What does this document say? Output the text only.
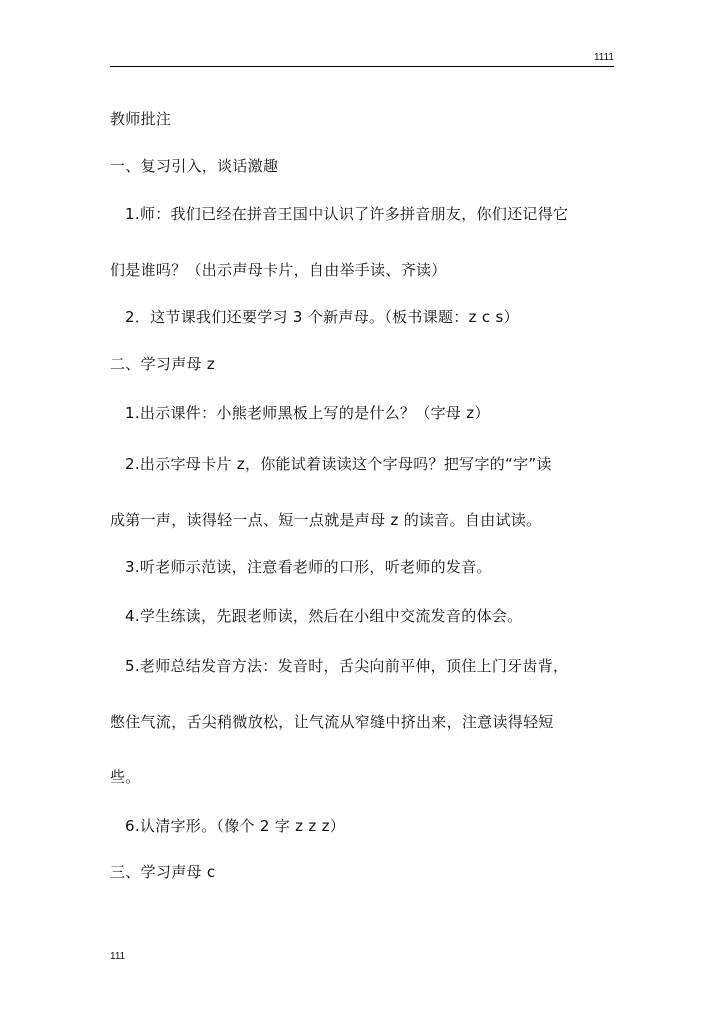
1111
教师批注
一、复习引入，谈话激趣
1.师：我们已经在拼音王国中认识了许多拼音朋友，你们还记得它
们是谁吗？（出示声母卡片，自由举手读、齐读）
2．这节课我们还要学习 3 个新声母。（板书课题：z c s）
二、学习声母 z
1.出示课件：小熊老师黑板上写的是什么？（字母 z）
2.出示字母卡片 z，你能试着读读这个字母吗？把写字的“字”读
成第一声，读得轻一点、短一点就是声母 z 的读音。自由试读。
3.听老师示范读，注意看老师的口形，听老师的发音。
4.学生练读，先跟老师读，然后在小组中交流发音的体会。
5.老师总结发音方法：发音时，舌尖向前平伸，顶住上门牙齿背，
憋住气流，舌尖稍微放松，让气流从窄缝中挤出来，注意读得轻短
些。
6.认清字形。（像个 2 字 z z z）
三、学习声母 c
111
